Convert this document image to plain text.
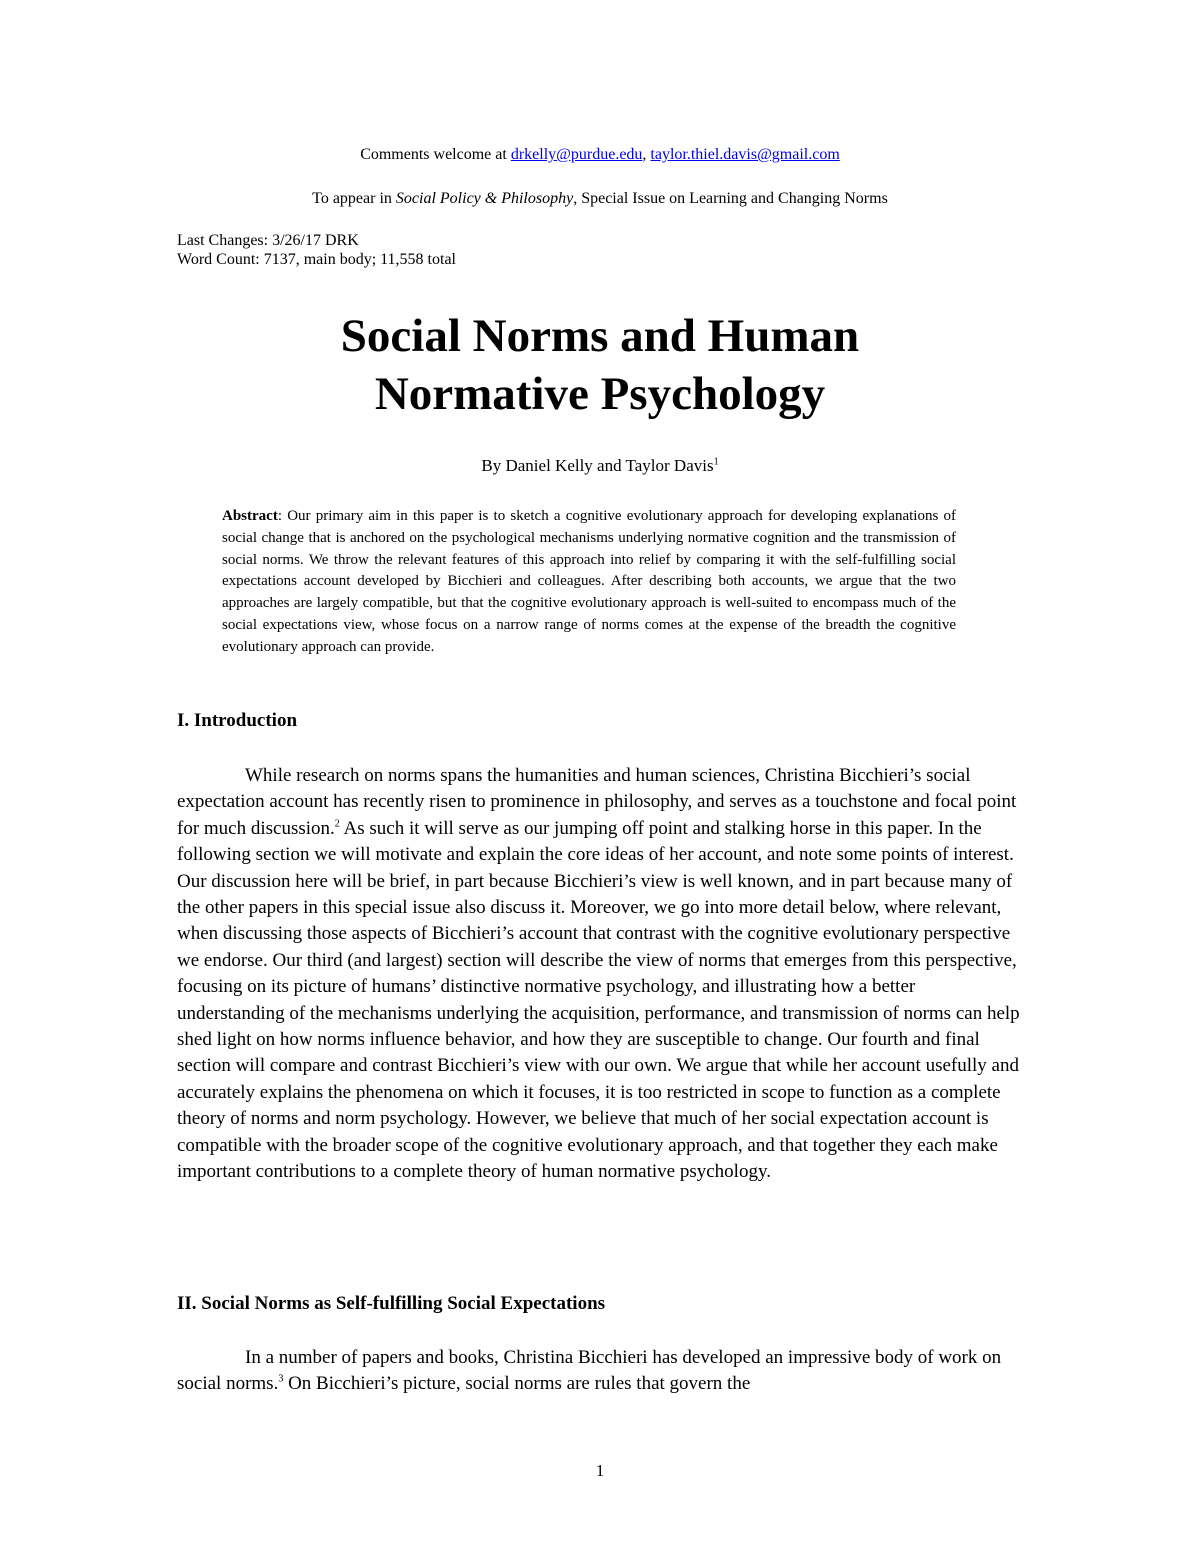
Comments welcome at drkelly@purdue.edu, taylor.thiel.davis@gmail.com
To appear in Social Policy & Philosophy, Special Issue on Learning and Changing Norms
Last Changes: 3/26/17 DRK
Word Count: 7137, main body; 11,558 total
Social Norms and Human
Normative Psychology
By Daniel Kelly and Taylor Davis$^1$
Abstract: Our primary aim in this paper is to sketch a cognitive evolutionary approach for developing explanations of social change that is anchored on the psychological mechanisms underlying normative cognition and the transmission of social norms. We throw the relevant features of this approach into relief by comparing it with the self-fulfilling social expectations account developed by Bicchieri and colleagues. After describing both accounts, we argue that the two approaches are largely compatible, but that the cognitive evolutionary approach is well-suited to encompass much of the social expectations view, whose focus on a narrow range of norms comes at the expense of the breadth the cognitive evolutionary approach can provide.
I. Introduction
While research on norms spans the humanities and human sciences, Christina Bicchieri’s social expectation account has recently risen to prominence in philosophy, and serves as a touchstone and focal point for much discussion.$^2$ As such it will serve as our jumping off point and stalking horse in this paper. In the following section we will motivate and explain the core ideas of her account, and note some points of interest. Our discussion here will be brief, in part because Bicchieri’s view is well known, and in part because many of the other papers in this special issue also discuss it. Moreover, we go into more detail below, where relevant, when discussing those aspects of Bicchieri’s account that contrast with the cognitive evolutionary perspective we endorse. Our third (and largest) section will describe the view of norms that emerges from this perspective, focusing on its picture of humans’ distinctive normative psychology, and illustrating how a better understanding of the mechanisms underlying the acquisition, performance, and transmission of norms can help shed light on how norms influence behavior, and how they are susceptible to change. Our fourth and final section will compare and contrast Bicchieri’s view with our own. We argue that while her account usefully and accurately explains the phenomena on which it focuses, it is too restricted in scope to function as a complete theory of norms and norm psychology. However, we believe that much of her social expectation account is compatible with the broader scope of the cognitive evolutionary approach, and that together they each make important contributions to a complete theory of human normative psychology.
II. Social Norms as Self-fulfilling Social Expectations
In a number of papers and books, Christina Bicchieri has developed an impressive body of work on social norms.$^3$ On Bicchieri’s picture, social norms are rules that govern the
1
